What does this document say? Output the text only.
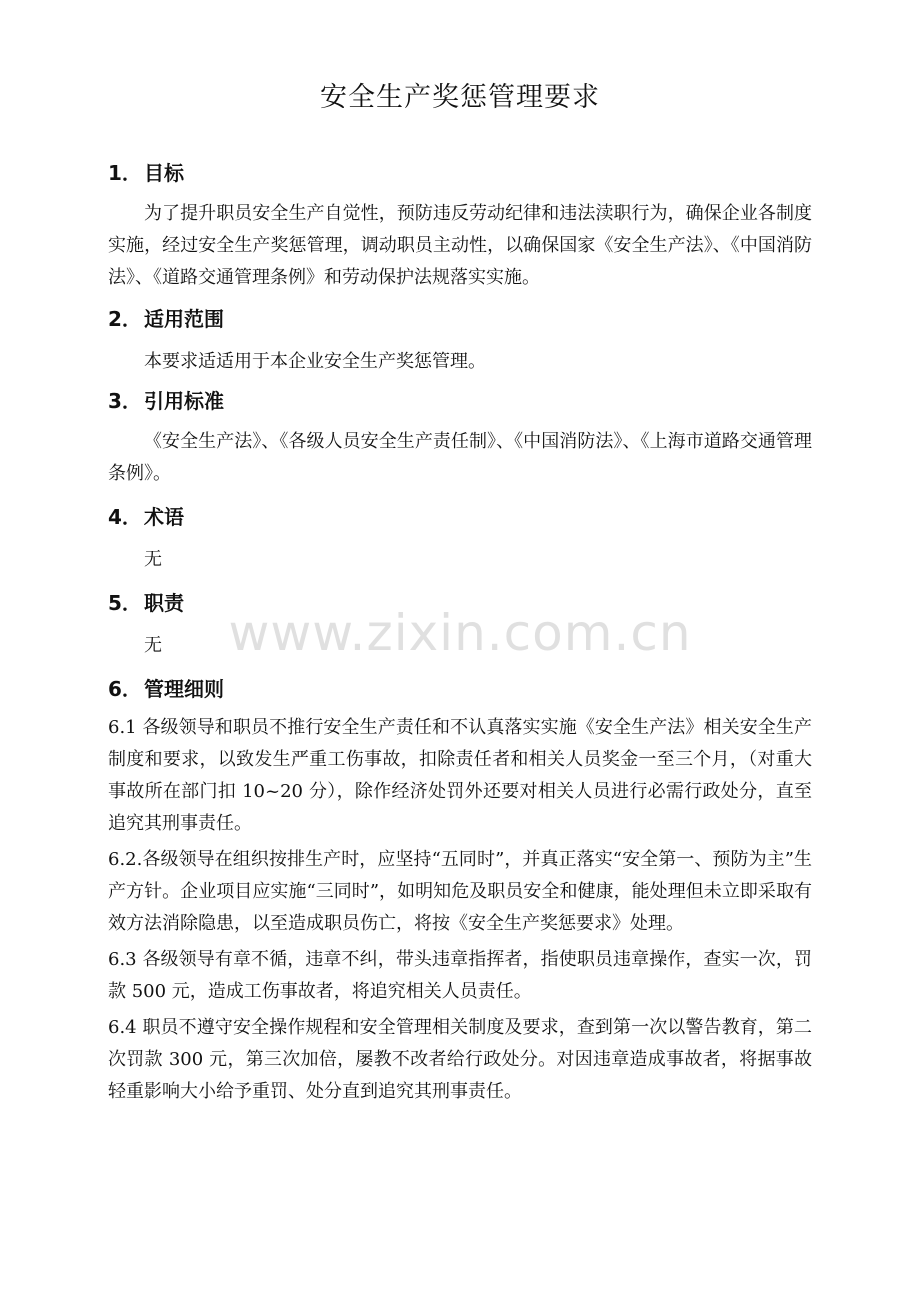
安全生产奖惩管理要求
1． 目标

为了提升职员安全生产自觉性，预防违反劳动纪律和违法渎职行为，确保企业各制度实施，经过安全生产奖惩管理，调动职员主动性，以确保国家《安全生产法》、《中国消防法》、《道路交通管理条例》和劳动保护法规落实实施。

2． 适用范围

本要求适适用于本企业安全生产奖惩管理。

3． 引用标准

《安全生产法》、《各级人员安全生产责任制》、《中国消防法》、《上海市道路交通管理条例》。

4． 术语

无

5． 职责

无

6． 管理细则

6.1 各级领导和职员不推行安全生产责任和不认真落实实施《安全生产法》相关安全生产制度和要求，以致发生严重工伤事故，扣除责任者和相关人员奖金一至三个月，（对重大事故所在部门扣 10~20 分），除作经济处罚外还要对相关人员进行必需行政处分，直至追究其刑事责任。

6.2.各级领导在组织按排生产时，应坚持“五同时”，并真正落实“安全第一、预防为主”生产方针。企业项目应实施“三同时”，如明知危及职员安全和健康，能处理但未立即采取有效方法消除隐患，以至造成职员伤亡，将按《安全生产奖惩要求》处理。

6.3 各级领导有章不循，违章不纠，带头违章指挥者，指使职员违章操作，查实一次，罚款 500 元，造成工伤事故者，将追究相关人员责任。

6.4 职员不遵守安全操作规程和安全管理相关制度及要求，查到第一次以警告教育，第二次罚款 300 元，第三次加倍，屡教不改者给行政处分。对因违章造成事故者，将据事故轻重影响大小给予重罚、处分直到追究其刑事责任。

www.zixin.com.cn
